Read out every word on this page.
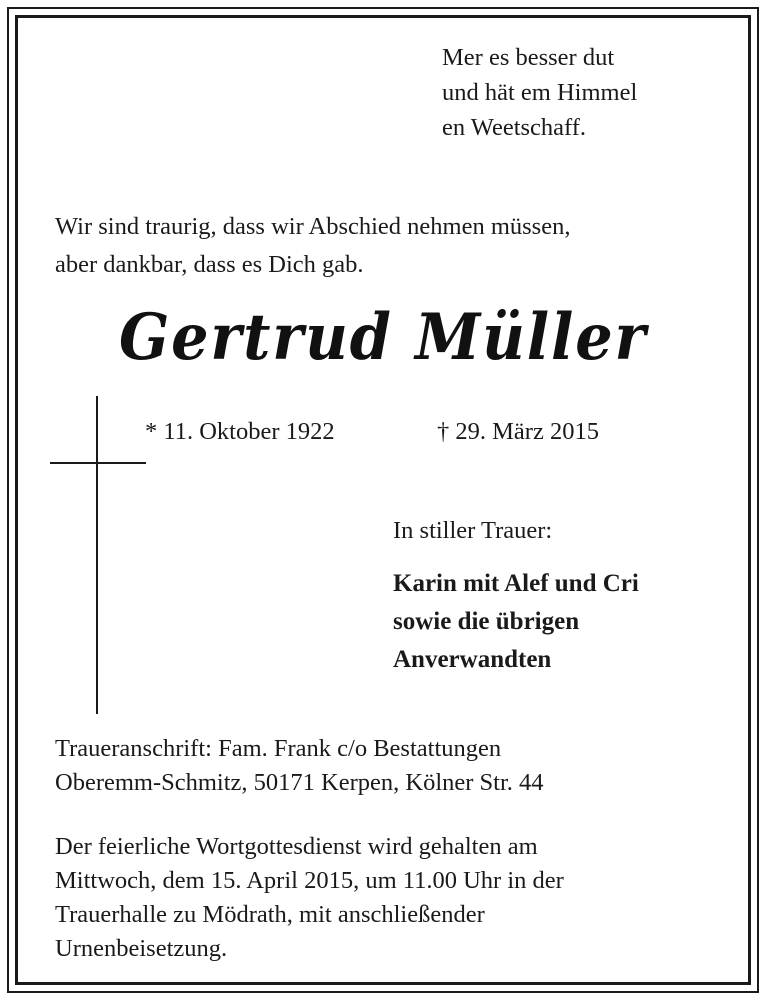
Mer es besser dut
und hät em Himmel
en Weetschaff.
Wir sind traurig, dass wir Abschied nehmen müssen,
aber dankbar, dass es Dich gab.
Gertrud Müller
* 11. Oktober 1922	† 29. März 2015
In stiller Trauer:
Karin mit Alef und Cri
sowie die übrigen
Anverwandten
Traueranschrift: Fam. Frank c/o Bestattungen
Oberemm-Schmitz, 50171 Kerpen, Kölner Str. 44
Der feierliche Wortgottesdienst wird gehalten am
Mittwoch, dem 15. April 2015, um 11.00 Uhr in der
Trauerhalle zu Mödrath, mit anschließender
Urnenbeisetzung.
